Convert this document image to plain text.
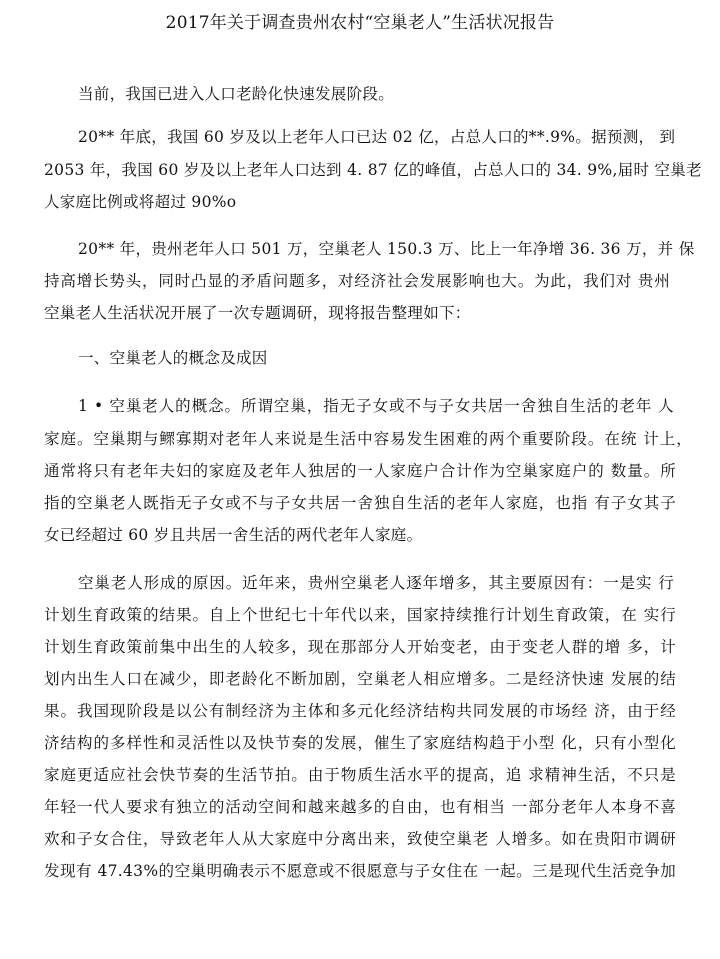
2017年关于调查贵州农村“空巢老人”生活状况报告
当前，我国已进入人口老龄化快速发展阶段。
20** 年底，我国 60 岁及以上老年人口已达 02 亿，占总人口的**.9%。据预测， 到
2053 年，我国 60 岁及以上老年人口达到 4. 87 亿的峰值，占总人口的 34. 9%,届时 空巢老
人家庭比例或将超过 90%o
20** 年，贵州老年人口 501 万，空巢老人 150.3 万、比上一年净增 36. 36 万，并 保
持高增长势头，同时凸显的矛盾问题多，对经济社会发展影响也大。为此，我们对 贵州
空巢老人生活状况开展了一次专题调研，现将报告整理如下：
一、空巢老人的概念及成因
1 • 空巢老人的概念。所谓空巢，指无子女或不与子女共居一舍独自生活的老年 人
家庭。空巢期与鳏寡期对老年人来说是生活中容易发生困难的两个重要阶段。在统 计上，
通常将只有老年夫妇的家庭及老年人独居的一人家庭户合计作为空巢家庭户的 数量。所
指的空巢老人既指无子女或不与子女共居一舍独自生活的老年人家庭，也指 有子女其子
女已经超过 60 岁且共居一舍生活的两代老年人家庭。
空巢老人形成的原因。近年来，贵州空巢老人逐年增多，其主要原因有：一是实 行
计划生育政策的结果。自上个世纪七十年代以来，国家持续推行计划生育政策，在 实行
计划生育政策前集中出生的人较多，现在那部分人开始变老，由于变老人群的增 多，计
划内出生人口在减少，即老龄化不断加剧，空巢老人相应增多。二是经济快速 发展的结
果。我国现阶段是以公有制经济为主体和多元化经济结构共同发展的市场经 济，由于经
济结构的多样性和灵活性以及快节奏的发展，催生了家庭结构趋于小型 化，只有小型化
家庭更适应社会快节奏的生活节拍。由于物质生活水平的提高，追 求精神生活，不只是
年轻一代人要求有独立的活动空间和越来越多的自由，也有相当 一部分老年人本身不喜
欢和子女合住，导致老年人从大家庭中分离出来，致使空巢老 人增多。如在贵阳市调研
发现有 47.43%的空巢明确表示不愿意或不很愿意与子女住在 一起。三是现代生活竞争加
